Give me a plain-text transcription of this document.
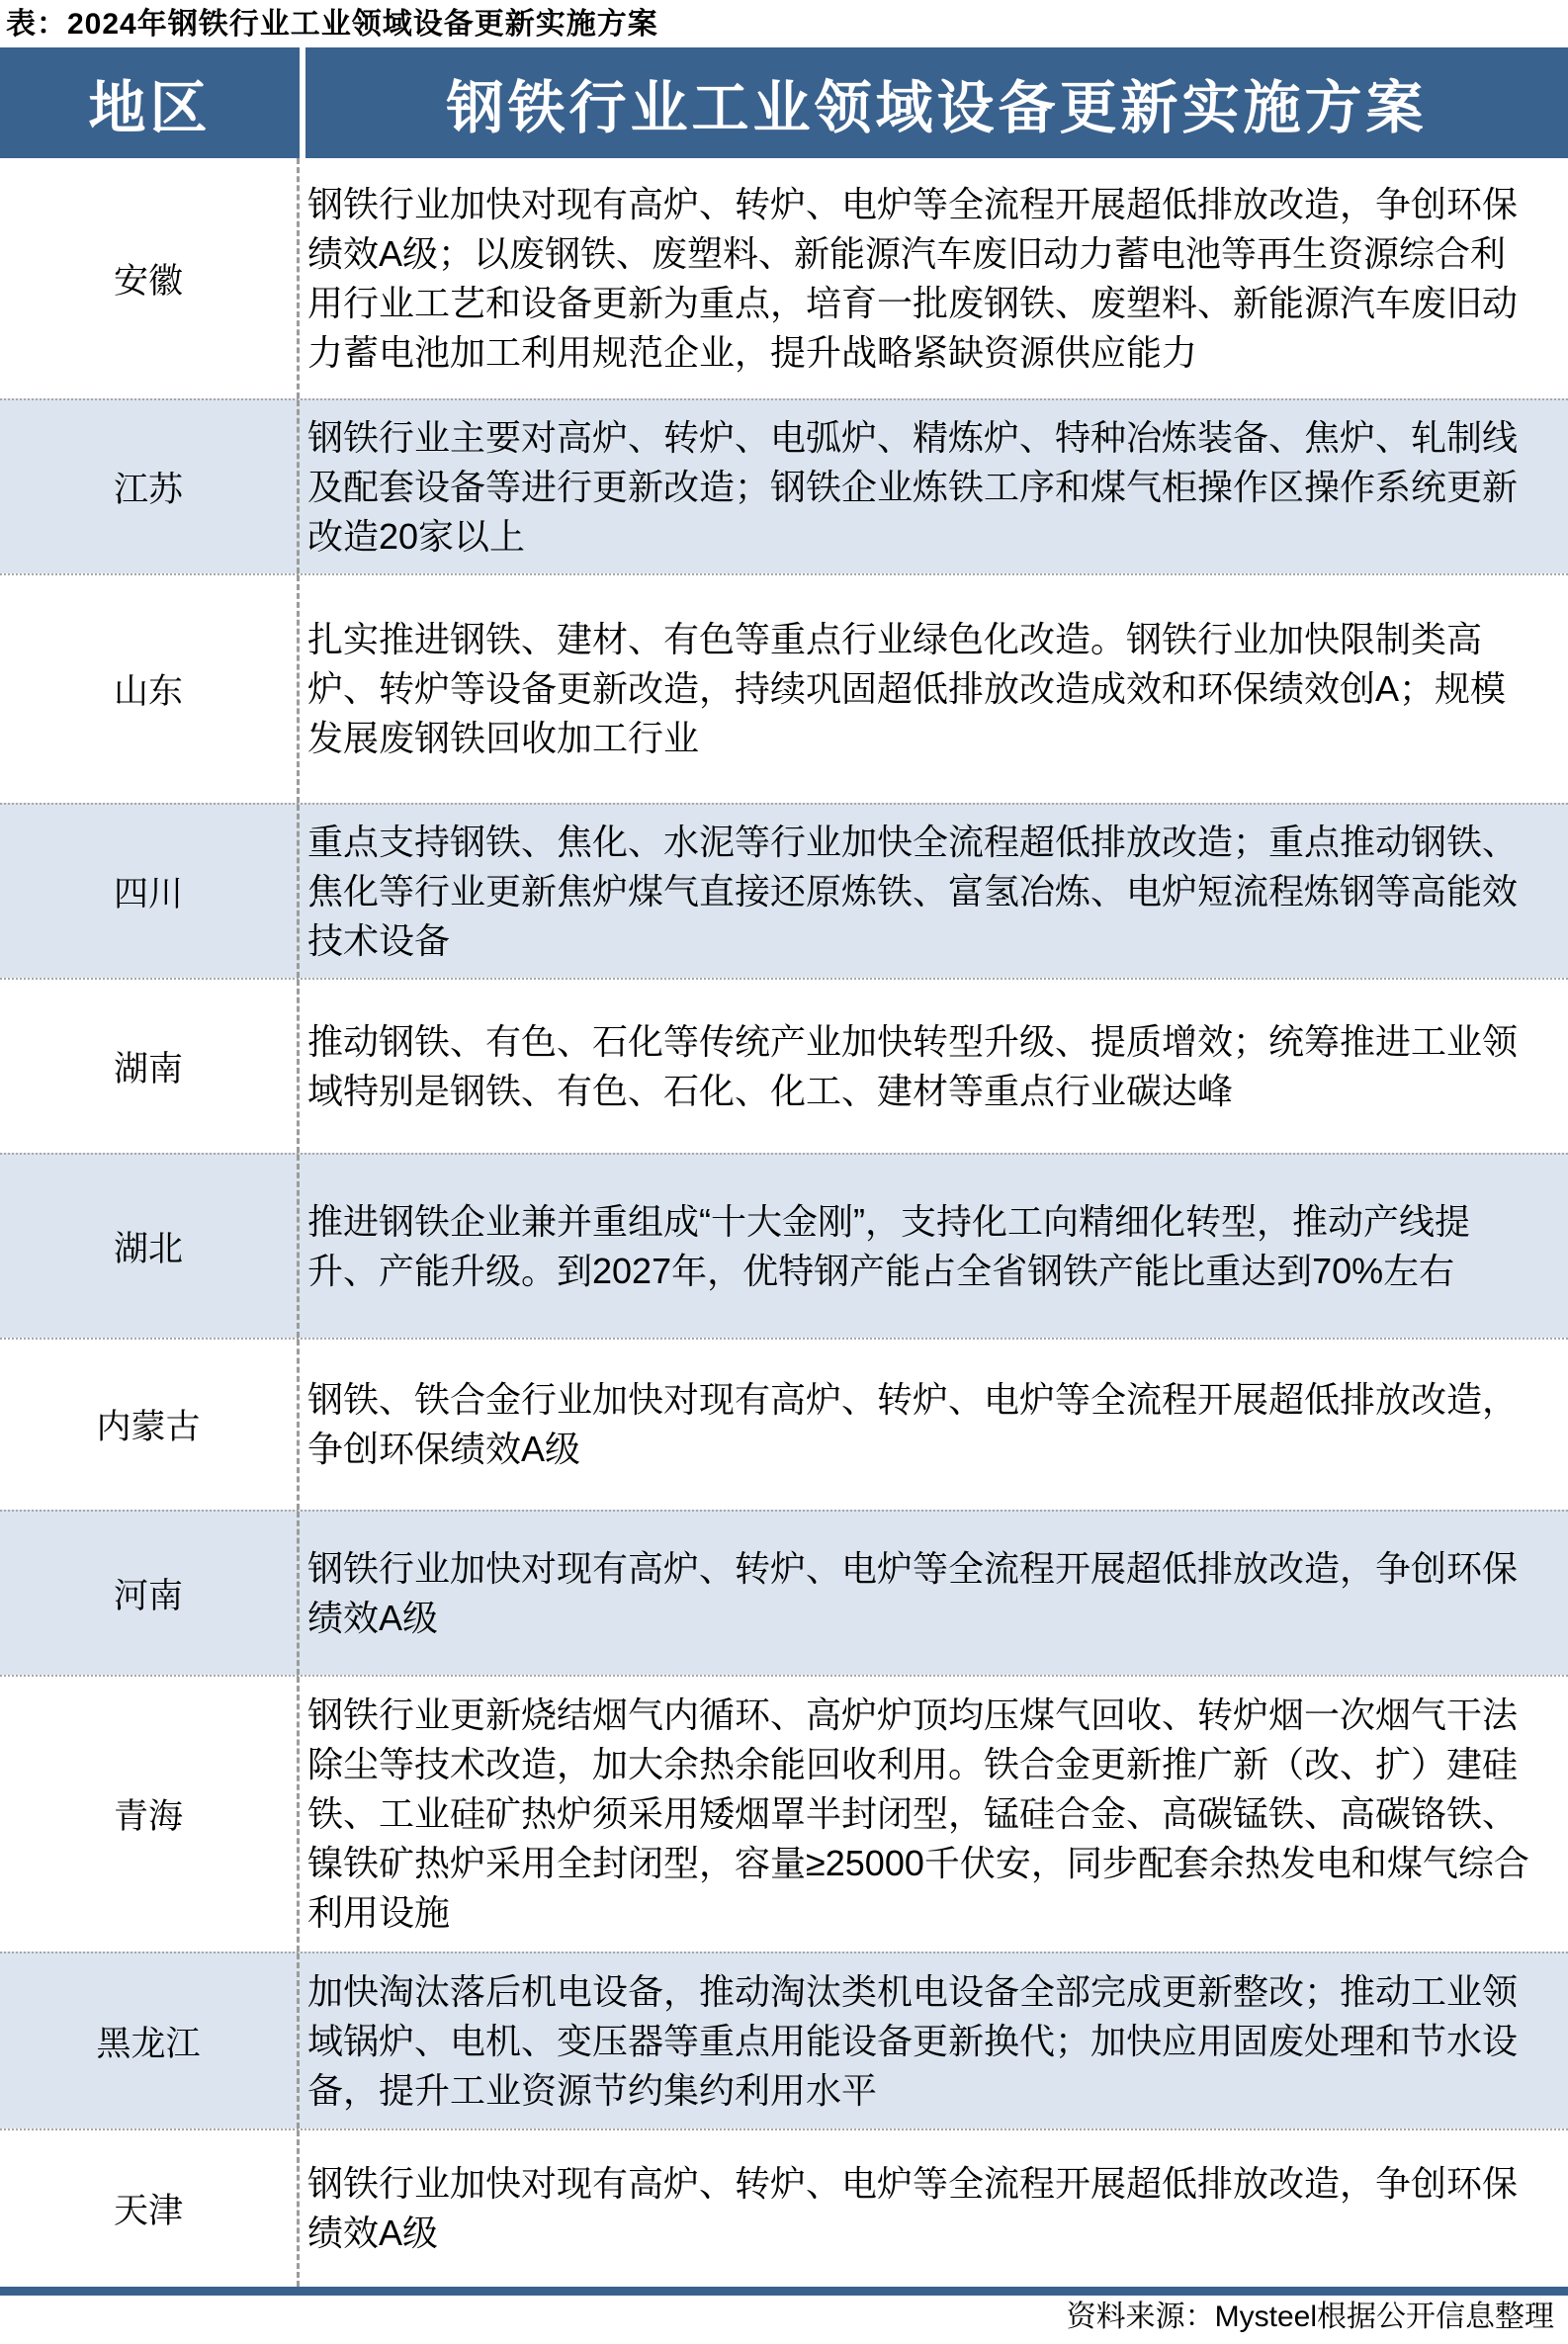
表：2024年钢铁行业工业领域设备更新实施方案
地区	钢铁行业工业领域设备更新实施方案
安徽

钢铁行业加快对现有高炉、转炉、电炉等全流程开展超低排放改造，争创环保绩效A级；以废钢铁、废塑料、新能源汽车废旧动力蓄电池等再生资源综合利用行业工艺和设备更新为重点，培育一批废钢铁、废塑料、新能源汽车废旧动力蓄电池加工利用规范企业，提升战略紧缺资源供应能力

江苏

钢铁行业主要对高炉、转炉、电弧炉、精炼炉、特种冶炼装备、焦炉、轧制线及配套设备等进行更新改造；钢铁企业炼铁工序和煤气柜操作区操作系统更新改造20家以上

山东

扎实推进钢铁、建材、有色等重点行业绿色化改造。钢铁行业加快限制类高炉、转炉等设备更新改造，持续巩固超低排放改造成效和环保绩效创A；规模发展废钢铁回收加工行业

四川

重点支持钢铁、焦化、水泥等行业加快全流程超低排放改造；重点推动钢铁、焦化等行业更新焦炉煤气直接还原炼铁、富氢冶炼、电炉短流程炼钢等高能效技术设备

湖南

推动钢铁、有色、石化等传统产业加快转型升级、提质增效；统筹推进工业领域特别是钢铁、有色、石化、化工、建材等重点行业碳达峰

湖北

推进钢铁企业兼并重组成“十大金刚”，支持化工向精细化转型，推动产线提升、产能升级。到2027年，优特钢产能占全省钢铁产能比重达到70%左右

内蒙古

钢铁、铁合金行业加快对现有高炉、转炉、电炉等全流程开展超低排放改造，争创环保绩效A级

河南

钢铁行业加快对现有高炉、转炉、电炉等全流程开展超低排放改造，争创环保绩效A级

青海

钢铁行业更新烧结烟气内循环、高炉炉顶均压煤气回收、转炉烟一次烟气干法除尘等技术改造，加大余热余能回收利用。铁合金更新推广新（改、扩）建硅铁、工业硅矿热炉须采用矮烟罩半封闭型，锰硅合金、高碳锰铁、高碳铬铁、镍铁矿热炉采用全封闭型，容量≥25000千伏安，同步配套余热发电和煤气综合利用设施

黑龙江

加快淘汰落后机电设备，推动淘汰类机电设备全部完成更新整改；推动工业领域锅炉、电机、变压器等重点用能设备更新换代；加快应用固废处理和节水设备，提升工业资源节约集约利用水平

天津

钢铁行业加快对现有高炉、转炉、电炉等全流程开展超低排放改造，争创环保绩效A级

资料来源：Mysteel根据公开信息整理
